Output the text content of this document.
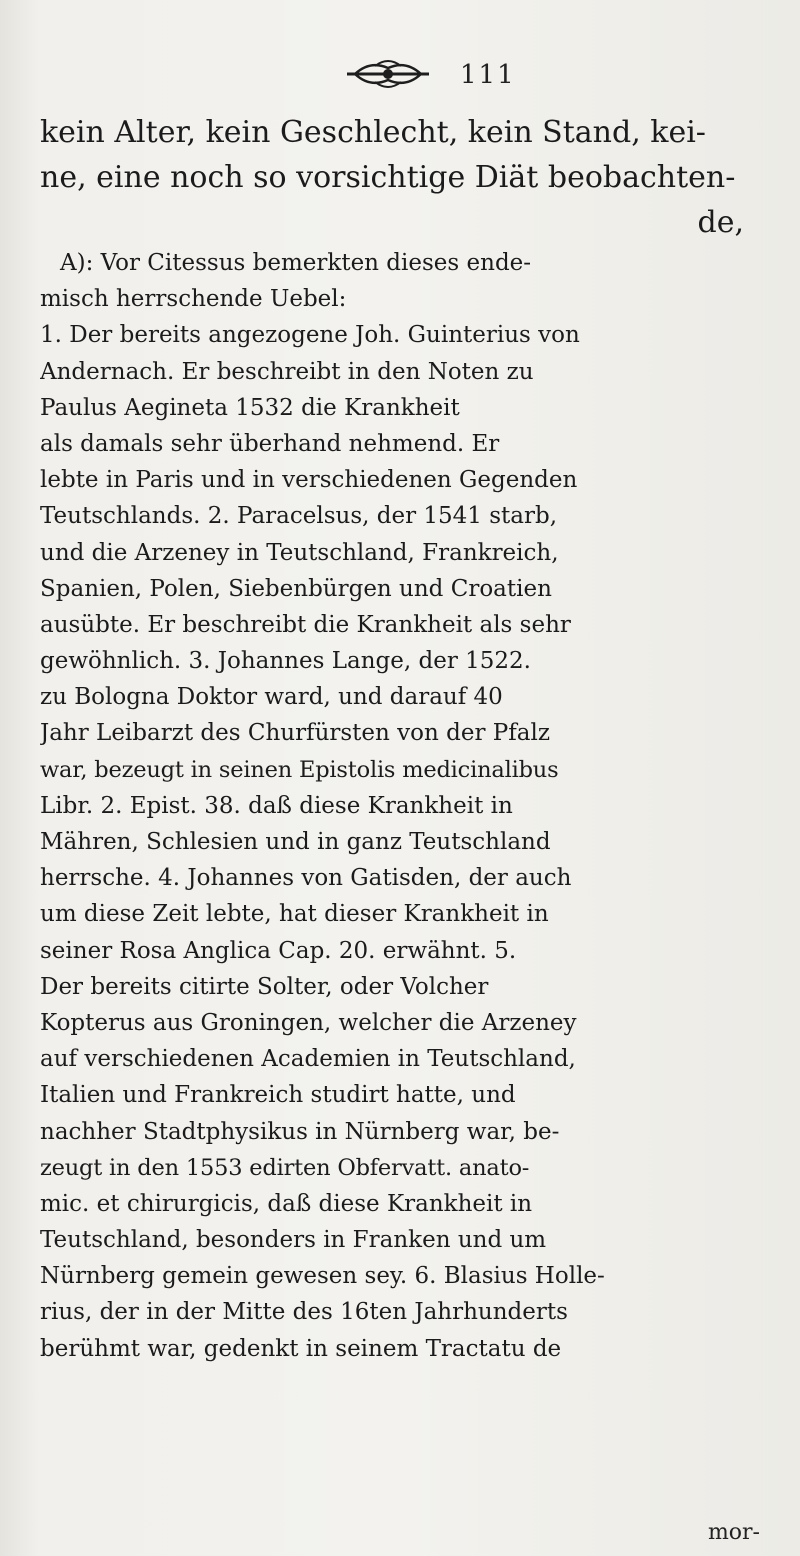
111
kein Alter, kein Geschlecht, kein Stand, kei-
ne, eine noch so vorsichtige Diät beobachten-
de,
A): Vor Citessus bemerkten dieses ende-
misch herrschende Uebel:
1. Der bereits angezogene Joh. Guinterius von
Andernach. Er beschreibt in den Noten zu
Paulus Aegineta 1532 die Krankheit
als damals sehr überhand nehmend. Er
lebte in Paris und in verschiedenen Gegenden
Teutschlands. 2. Paracelsus, der 1541 starb,
und die Arzeney in Teutschland, Frankreich,
Spanien, Polen, Siebenbürgen und Croatien
ausübte. Er beschreibt die Krankheit als sehr
gewöhnlich. 3. Johannes Lange, der 1522.
zu Bologna Doktor ward, und darauf 40
Jahr Leibarzt des Churfürsten von der Pfalz
war, bezeugt in seinen Epistolis medicinalibus
Libr. 2. Epist. 38. daß diese Krankheit in
Mähren, Schlesien und in ganz Teutschland
herrsche. 4. Johannes von Gatisden, der auch
um diese Zeit lebte, hat dieser Krankheit in
seiner Rosa Anglica Cap. 20. erwähnt. 5.
Der bereits citirte Solter, oder Volcher
Kopterus aus Groningen, welcher die Arzeney
auf verschiedenen Academien in Teutschland,
Italien und Frankreich studirt hatte, und
nachher Stadtphysikus in Nürnberg war, be-
zeugt in den 1553 edirten Obfervatt. anato-
mic. et chirurgicis, daß diese Krankheit in
Teutschland, besonders in Franken und um
Nürnberg gemein gewesen sey. 6. Blasius Holle-
rius, der in der Mitte des 16ten Jahrhunderts
berühmt war, gedenkt in seinem Tractatu de
mor-
